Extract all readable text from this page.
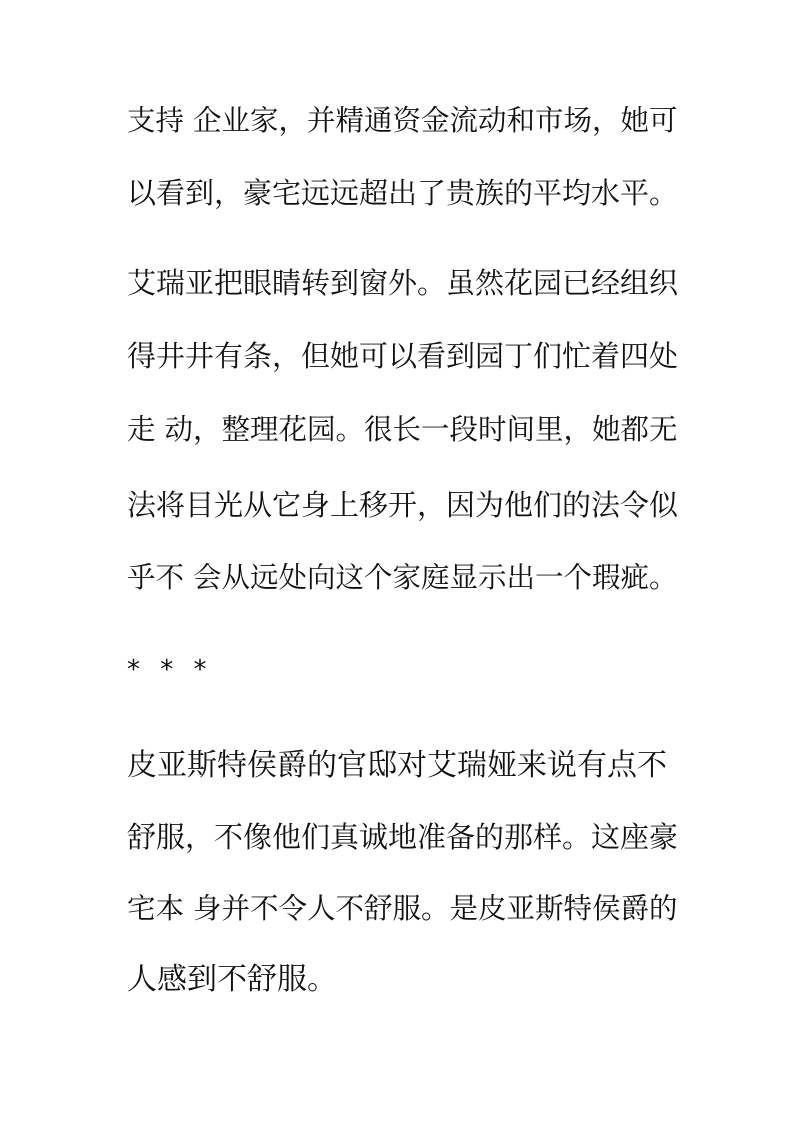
支持 企业家，并精通资金流动和市场，她可

以看到，豪宅远远超出了贵族的平均水平。

艾瑞亚把眼睛转到窗外。虽然花园已经组织

得井井有条，但她可以看到园丁们忙着四处

走 动，整理花园。很长一段时间里，她都无

法将目光从它身上移开，因为他们的法令似

乎不 会从远处向这个家庭显示出一个瑕疵。

* * *

皮亚斯特侯爵的官邸对艾瑞娅来说有点不

舒服，不像他们真诚地准备的那样。这座豪

宅本 身并不令人不舒服。是皮亚斯特侯爵的

人感到不舒服。
